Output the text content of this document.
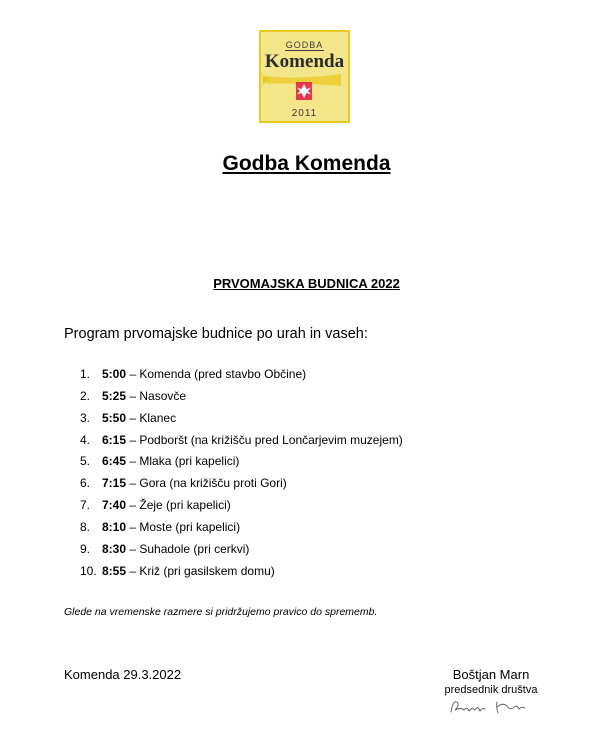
GODBA
Komenda
2011
Godba Komenda
PRVOMAJSKA BUDNICA 2022
Program prvomajske budnice po urah in vaseh:
1. 5:00 – Komenda (pred stavbo Občine)
2. 5:25 – Nasovče
3. 5:50 – Klanec
4. 6:15 – Podboršt (na križišču pred Lončarjevim muzejem)
5. 6:45 – Mlaka (pri kapelici)
6. 7:15 – Gora (na križišču proti Gori)
7. 7:40 – Žeje (pri kapelici)
8. 8:10 – Moste (pri kapelici)
9. 8:30 – Suhadole (pri cerkvi)
10. 8:55 – Križ (pri gasilskem domu)
Glede na vremenske razmere si pridržujemo pravico do sprememb.
Komenda 29.3.2022	Boštjan Marn
predsednik društva
